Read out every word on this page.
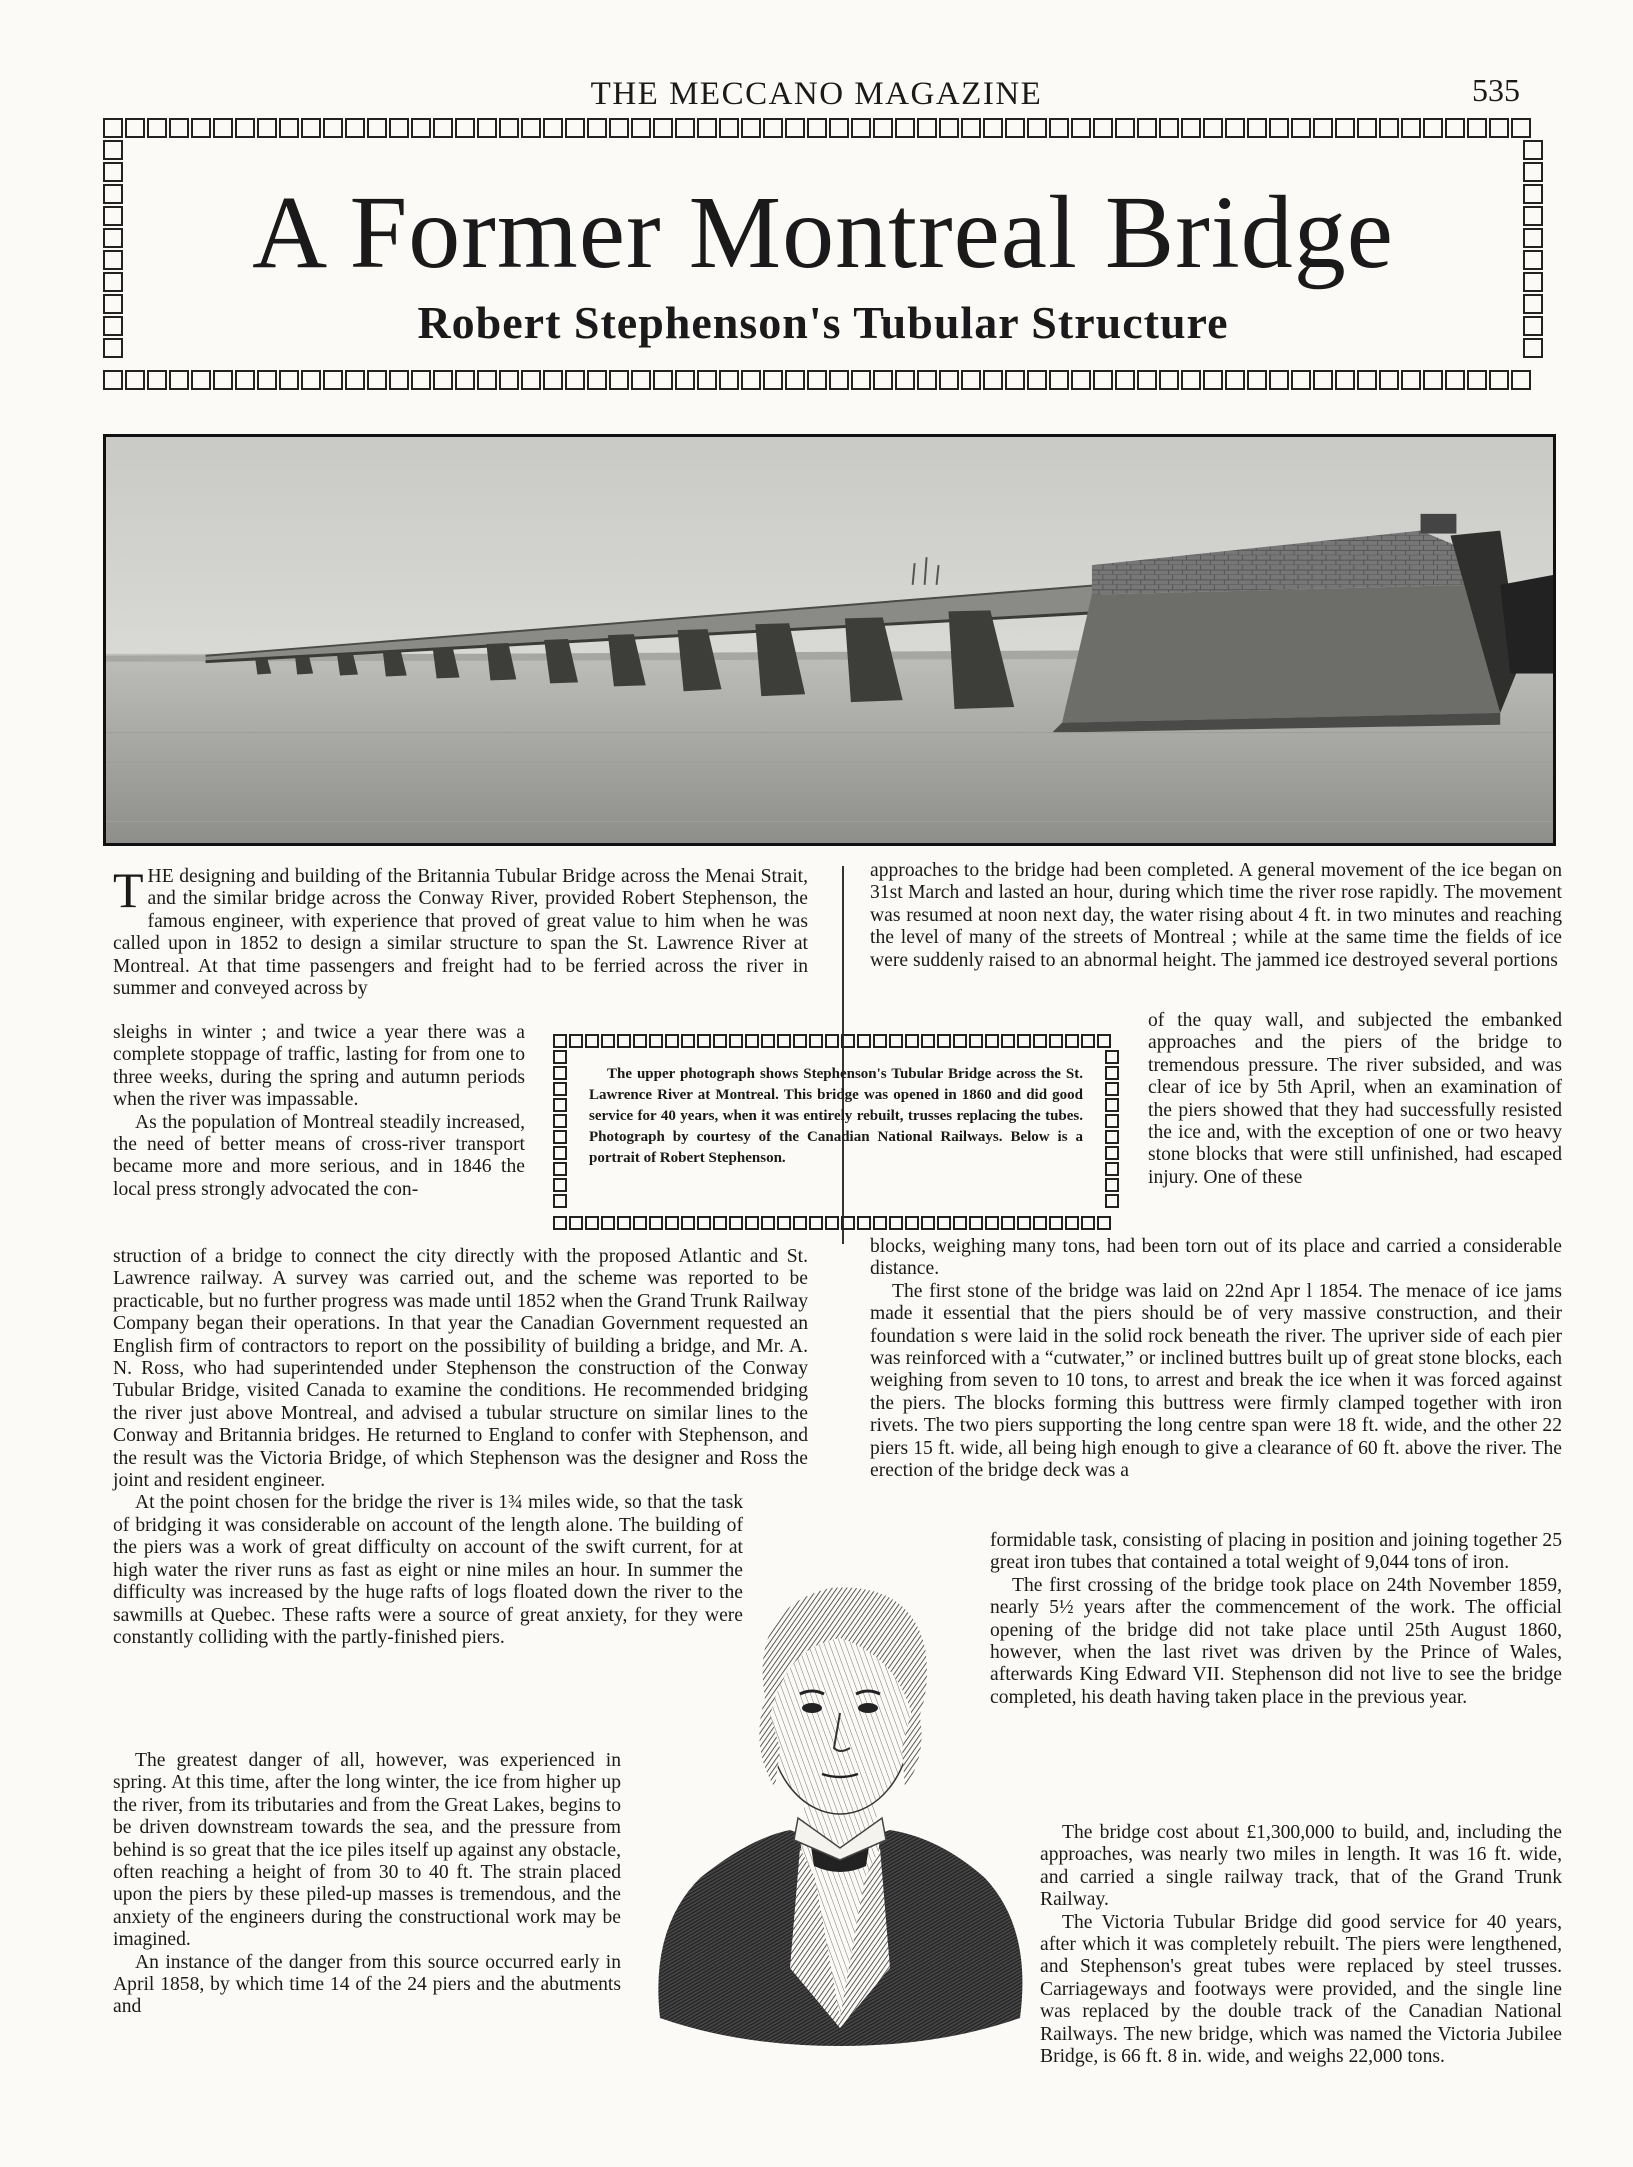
THE MECCANO MAGAZINE	535
A Former Montreal Bridge
Robert Stephenson's Tubular Structure

THE designing and building of the Britannia Tubular Bridge across the Menai Strait, and the similar bridge across the Conway River, provided Robert Stephenson, the famous engineer, with experience that proved of great value to him when he was called upon in 1852 to design a similar structure to span the St. Lawrence River at Montreal. At that time passengers and freight had to be ferried across the river in summer and conveyed across by

sleighs in winter ; and twice a year there was a complete stoppage of traffic, lasting for from one to three weeks, during the spring and autumn periods when the river was impassable.

As the population of Montreal steadily increased, the need of better means of cross-river transport became more and more serious, and in 1846 the local press strongly advocated the con-

struction of a bridge to connect the city directly with the proposed Atlantic and St. Lawrence railway. A survey was carried out, and the scheme was reported to be practicable, but no further progress was made until 1852 when the Grand Trunk Railway Company began their operations. In that year the Canadian Government requested an English firm of contractors to report on the possibility of building a bridge, and Mr. A. N. Ross, who had superintended under Stephenson the construction of the Conway Tubular Bridge, visited Canada to examine the conditions. He recommended bridging the river just above Montreal, and advised a tubular structure on similar lines to the Conway and Britannia bridges. He returned to England to confer with Stephenson, and the result was the Victoria Bridge, of which Stephenson was the designer and Ross the joint and resident engineer.

At the point chosen for the bridge the river is 1¾ miles wide, so that the task of bridging it was considerable on account of the length alone. The building of the piers was a work of great difficulty on account of the swift current, for at high water the river runs as fast as eight or nine miles an hour. In summer the difficulty was increased by the huge rafts of logs floated down the river to the sawmills at Quebec. These rafts were a source of great anxiety, for they were constantly colliding with the partly-finished piers.

The greatest danger of all, however, was experienced in spring. At this time, after the long winter, the ice from higher up the river, from its tributaries and from the Great Lakes, begins to be driven downstream towards the sea, and the pressure from behind is so great that the ice piles itself up against any obstacle, often reaching a height of from 30 to 40 ft. The strain placed upon the piers by these piled-up masses is tremendous, and the anxiety of the engineers during the constructional work may be imagined.

An instance of the danger from this source occurred early in April 1858, by which time 14 of the 24 piers and the abutments and

approaches to the bridge had been completed. A general movement of the ice began on 31st March and lasted an hour, during which time the river rose rapidly. The movement was resumed at noon next day, the water rising about 4 ft. in two minutes and reaching the level of many of the streets of Montreal ; while at the same time the fields of ice were suddenly raised to an abnormal height. The jammed ice destroyed several portions

of the quay wall, and subjected the embanked approaches and the piers of the bridge to tremendous pressure. The river subsided, and was clear of ice by 5th April, when an examination of the piers showed that they had successfully resisted the ice and, with the exception of one or two heavy stone blocks that were still unfinished, had escaped injury. One of these

blocks, weighing many tons, had been torn out of its place and carried a considerable distance.

The first stone of the bridge was laid on 22nd Apr l 1854. The menace of ice jams made it essential that the piers should be of very massive construction, and their foundation s were laid in the solid rock beneath the river. The upriver side of each pier was reinforced with a “cutwater,” or inclined buttres built up of great stone blocks, each weighing from seven to 10 tons, to arrest and break the ice when it was forced against the piers. The blocks forming this buttress were firmly clamped together with iron rivets. The two piers supporting the long centre span were 18 ft. wide, and the other 22 piers 15 ft. wide, all being high enough to give a clearance of 60 ft. above the river. The erection of the bridge deck was a

formidable task, consisting of placing in position and joining together 25 great iron tubes that contained a total weight of 9,044 tons of iron.

The first crossing of the bridge took place on 24th November 1859, nearly 5½ years after the commencement of the work. The official opening of the bridge did not take place until 25th August 1860, however, when the last rivet was driven by the Prince of Wales, afterwards King Edward VII. Stephenson did not live to see the bridge completed, his death having taken place in the previous year.

The bridge cost about £1,300,000 to build, and, including the approaches, was nearly two miles in length. It was 16 ft. wide, and carried a single railway track, that of the Grand Trunk Railway.

The Victoria Tubular Bridge did good service for 40 years, after which it was completely rebuilt. The piers were lengthened, and Stephenson's great tubes were replaced by steel trusses. Carriageways and footways were provided, and the single line was replaced by the double track of the Canadian National Railways. The new bridge, which was named the Victoria Jubilee Bridge, is 66 ft. 8 in. wide, and weighs 22,000 tons.

The upper photograph shows Stephenson's Tubular Bridge across the St. Lawrence River at Montreal. This bridge was opened in 1860 and did good service for 40 years, when it was entirely rebuilt, trusses replacing the tubes. Photograph by courtesy of the Canadian National Railways. Below is a portrait of Robert Stephenson.
